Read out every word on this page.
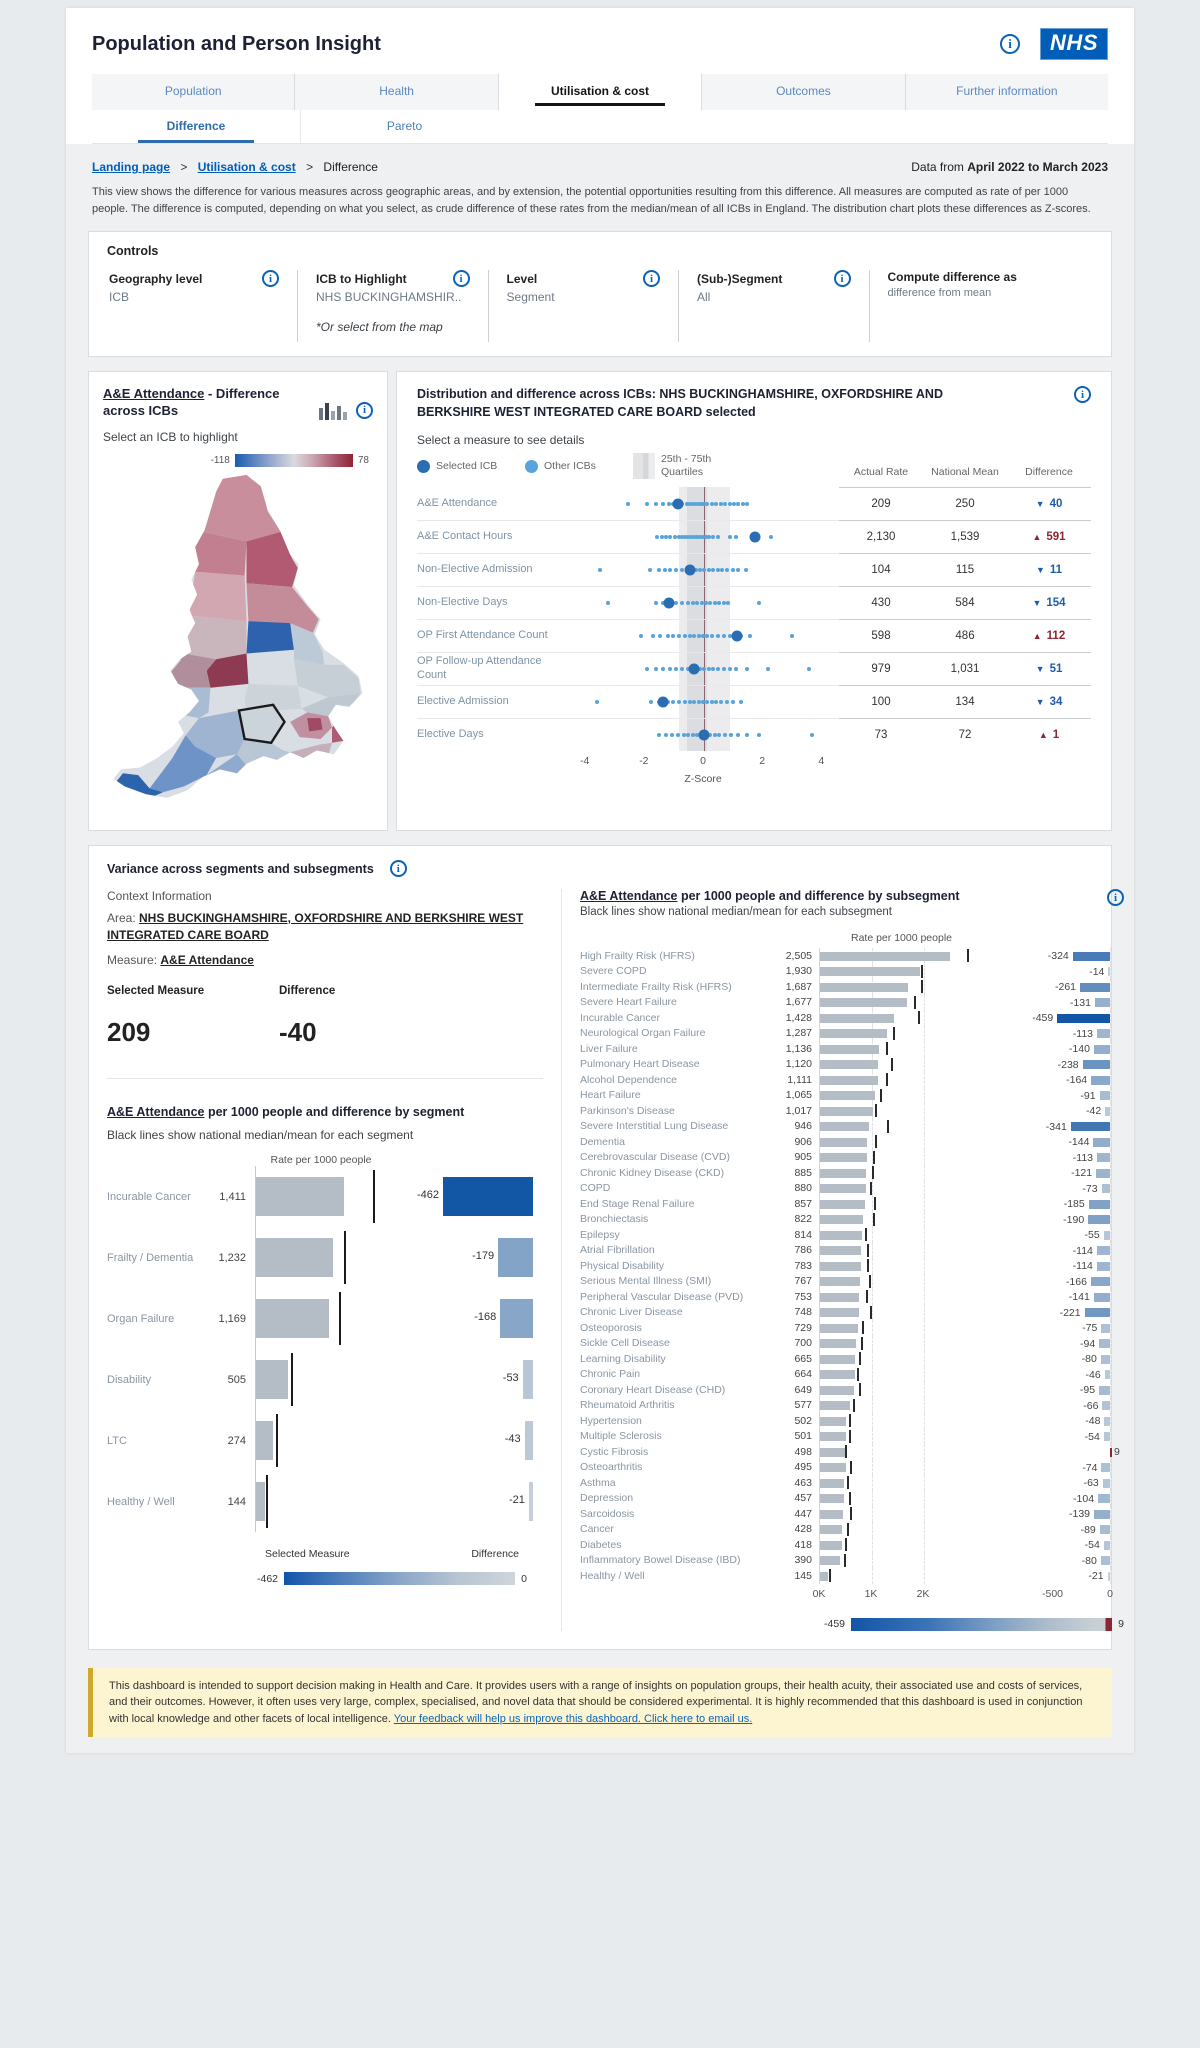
Population and Person Insight	i	NHS
Population	Health	Utilisation & cost	Outcomes	Further information
Difference	Pareto
Landing page > Utilisation & cost > Difference	Data from April 2022 to March 2023
This view shows the difference for various measures across geographic areas, and by extension, the potential opportunities resulting from this difference. All measures are computed as rate of per 1000 people. The difference is computed, depending on what you select, as crude difference of these rates from the median/mean of all ICBs in England. The distribution chart plots these differences as Z-scores.
Controls
Geography level	i
ICB
ICB to Highlight	i
NHS BUCKINGHAMSHIR..
*Or select from the map
Level	i
Segment
(Sub-)Segment	i
All
Compute difference as
difference from mean
A&E Attendance - Difference across ICBs	i
Select an ICB to highlight
-118	78
Distribution and difference across ICBs: NHS BUCKINGHAMSHIRE, OXFORDSHIRE AND BERKSHIRE WEST INTEGRATED CARE BOARD selected
i
Select a measure to see details
Selected ICB	Other ICBs
25th - 75th Quartiles	Actual Rate	National Mean	Difference
A&E Attendance	209	250	▼ 40
A&E Contact Hours	2,130	1,539	▲ 591
Non-Elective Admission	104	115	▼ 11
Non-Elective Days	430	584	▼ 154
OP First Attendance Count	598	486	▲ 112
OP Follow-up Attendance Count	979	1,031	▼ 51
Elective Admission	100	134	▼ 34
Elective Days	73	72	▲ 1
-4	-2	0	2	4
Z-Score
Variance across segments and subsegments	i
Context Information
Area: NHS BUCKINGHAMSHIRE, OXFORDSHIRE AND BERKSHIRE WEST INTEGRATED CARE BOARD
Measure: A&E Attendance
Selected Measure
209
Difference
-40
A&E Attendance per 1000 people and difference by segment
Black lines show national median/mean for each segment
Rate per 1000 people
Incurable Cancer	1,411	-462
Frailty / Dementia	1,232	-179
Organ Failure	1,169	-168
Disability	505	-53
LTC	274	-43
Healthy / Well	144	-21
Selected Measure	Difference
-462	0
A&E Attendance per 1000 people and difference by subsegment
Black lines show national median/mean for each subsegment
i
Rate per 1000 people
High Frailty Risk (HFRS)	2,505	-324
Severe COPD	1,930	-14
Intermediate Frailty Risk (HFRS)	1,687	-261
Severe Heart Failure	1,677	-131
Incurable Cancer	1,428	-459
Neurological Organ Failure	1,287	-113
Liver Failure	1,136	-140
Pulmonary Heart Disease	1,120	-238
Alcohol Dependence	1,111	-164
Heart Failure	1,065	-91
Parkinson's Disease	1,017	-42
Severe Interstitial Lung Disease	946	-341
Dementia	906	-144
Cerebrovascular Disease (CVD)	905	-113
Chronic Kidney Disease (CKD)	885	-121
COPD	880	-73
End Stage Renal Failure	857	-185
Bronchiectasis	822	-190
Epilepsy	814	-55
Atrial Fibrillation	786	-114
Physical Disability	783	-114
Serious Mental Illness (SMI)	767	-166
Peripheral Vascular Disease (PVD)	753	-141
Chronic Liver Disease	748	-221
Osteoporosis	729	-75
Sickle Cell Disease	700	-94
Learning Disability	665	-80
Chronic Pain	664	-46
Coronary Heart Disease (CHD)	649	-95
Rheumatoid Arthritis	577	-66
Hypertension	502	-48
Multiple Sclerosis	501	-54
Cystic Fibrosis	498	9
Osteoarthritis	495	-74
Asthma	463	-63
Depression	457	-104
Sarcoidosis	447	-139
Cancer	428	-89
Diabetes	418	-54
Inflammatory Bowel Disease (IBD)	390	-80
Healthy / Well	145	-21
0K	1K	2K	-500	0
-459	9
This dashboard is intended to support decision making in Health and Care. It provides users with a range of insights on population groups, their health acuity, their associated use and costs of services, and their outcomes. However, it often uses very large, complex, specialised, and novel data that should be considered experimental. It is highly recommended that this dashboard is used in conjunction with local knowledge and other facets of local intelligence. Your feedback will help us improve this dashboard. Click here to email us.
